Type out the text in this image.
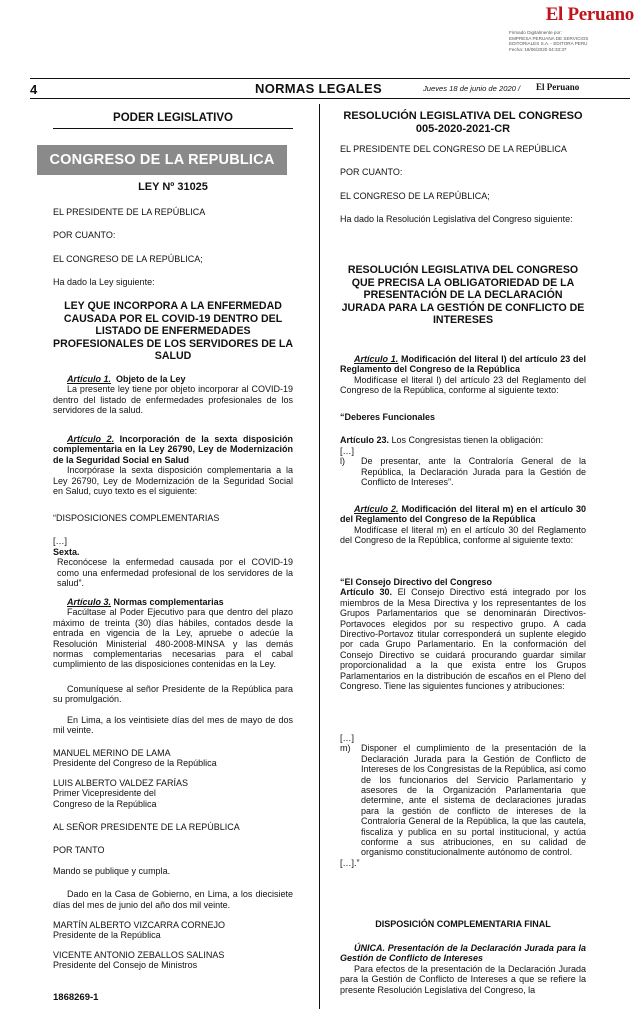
El Peruano
Firmado Digitalmente por:
EMPRESA PERUANA DE SERVICIOS
EDITORIALES S.A. - EDITORA PERU
Fecha: 18/06/2020 04:33:37
4	NORMAS LEGALES	Jueves 18 de junio de 2020 / El Peruano
PODER LEGISLATIVO
CONGRESO DE LA REPUBLICA
LEY Nº 31025

EL PRESIDENTE DE LA REPÚBLICA

POR CUANTO:

EL CONGRESO DE LA REPÚBLICA;

Ha dado la Ley siguiente:

LEY QUE INCORPORA A LA ENFERMEDAD CAUSADA POR EL COVID-19 DENTRO DEL LISTADO DE ENFERMEDADES PROFESIONALES DE LOS SERVIDORES DE LA SALUD

Artículo 1. Objeto de la Ley

La presente ley tiene por objeto incorporar al COVID-19 dentro del listado de enfermedades profesionales de los servidores de la salud.

Artículo 2. Incorporación de la sexta disposición complementaria en la Ley 26790, Ley de Modernización de la Seguridad Social en Salud

Incorpórase la sexta disposición complementaria a la Ley 26790, Ley de Modernización de la Seguridad Social en Salud, cuyo texto es el siguiente:

“DISPOSICIONES COMPLEMENTARIAS

[…]

Sexta.

Reconócese la enfermedad causada por el COVID-19 como una enfermedad profesional de los servidores de la salud”.

Artículo 3. Normas complementarias

Facúltase al Poder Ejecutivo para que dentro del plazo máximo de treinta (30) días hábiles, contados desde la entrada en vigencia de la Ley, apruebe o adecúe la Resolución Ministerial 480-2008-MINSA y las demás normas complementarias necesarias para el cabal cumplimiento de las disposiciones contenidas en la Ley.

Comuníquese al señor Presidente de la República para su promulgación.

En Lima, a los veintisiete días del mes de mayo de dos mil veinte.

MANUEL MERINO DE LAMA

Presidente del Congreso de la República

LUIS ALBERTO VALDEZ FARÍAS

Primer Vicepresidente del

Congreso de la República

AL SEÑOR PRESIDENTE DE LA REPÚBLICA

POR TANTO

Mando se publique y cumpla.

Dado en la Casa de Gobierno, en Lima, a los diecisiete días del mes de junio del año dos mil veinte.

MARTÍN ALBERTO VIZCARRA CORNEJO

Presidente de la República

VICENTE ANTONIO ZEBALLOS SALINAS

Presidente del Consejo de Ministros

1868269-1
RESOLUCIÓN LEGISLATIVA DEL CONGRESO 005-2020-2021-CR

EL PRESIDENTE DEL CONGRESO DE LA REPÚBLICA

POR CUANTO:

EL CONGRESO DE LA REPÚBLICA;

Ha dado la Resolución Legislativa del Congreso siguiente:

RESOLUCIÓN LEGISLATIVA DEL CONGRESO QUE PRECISA LA OBLIGATORIEDAD DE LA PRESENTACIÓN DE LA DECLARACIÓN JURADA PARA LA GESTIÓN DE CONFLICTO DE INTERESES

Artículo 1. Modificación del literal l) del artículo 23 del Reglamento del Congreso de la República

Modifícase el literal l) del artículo 23 del Reglamento del Congreso de la República, conforme al siguiente texto:

“Deberes Funcionales

Artículo 23. Los Congresistas tienen la obligación:

[…]

l)	De presentar, ante la Contraloría General de la República, la Declaración Jurada para la Gestión de Conflicto de Intereses”.

Artículo 2. Modificación del literal m) en el artículo 30 del Reglamento del Congreso de la República

Modifícase el literal m) en el artículo 30 del Reglamento del Congreso de la República, conforme al siguiente texto:

“El Consejo Directivo del Congreso

Artículo 30. El Consejo Directivo está integrado por los miembros de la Mesa Directiva y los representantes de los Grupos Parlamentarios que se denominarán Directivos-Portavoces elegidos por su respectivo grupo. A cada Directivo-Portavoz titular corresponderá un suplente elegido por cada Grupo Parlamentario. En la conformación del Consejo Directivo se cuidará procurando guardar similar proporcionalidad a la que exista entre los Grupos Parlamentarios en la distribución de escaños en el Pleno del Congreso. Tiene las siguientes funciones y atribuciones:

[…]

m)	Disponer el cumplimiento de la presentación de la Declaración Jurada para la Gestión de Conflicto de Intereses de los Congresistas de la República, así como de los funcionarios del Servicio Parlamentario y asesores de la Organización Parlamentaria que determine, ante el sistema de declaraciones juradas para la gestión de conflicto de intereses de la Contraloría General de la República, la que las cautela, fiscaliza y publica en su portal institucional, y actúa conforme a sus atribuciones, en su calidad de organismo constitucionalmente autónomo de control.

[…].”

DISPOSICIÓN COMPLEMENTARIA FINAL

ÚNICA. Presentación de la Declaración Jurada para la Gestión de Conflicto de Intereses

Para efectos de la presentación de la Declaración Jurada para la Gestión de Conflicto de Intereses a que se refiere la presente Resolución Legislativa del Congreso, la
